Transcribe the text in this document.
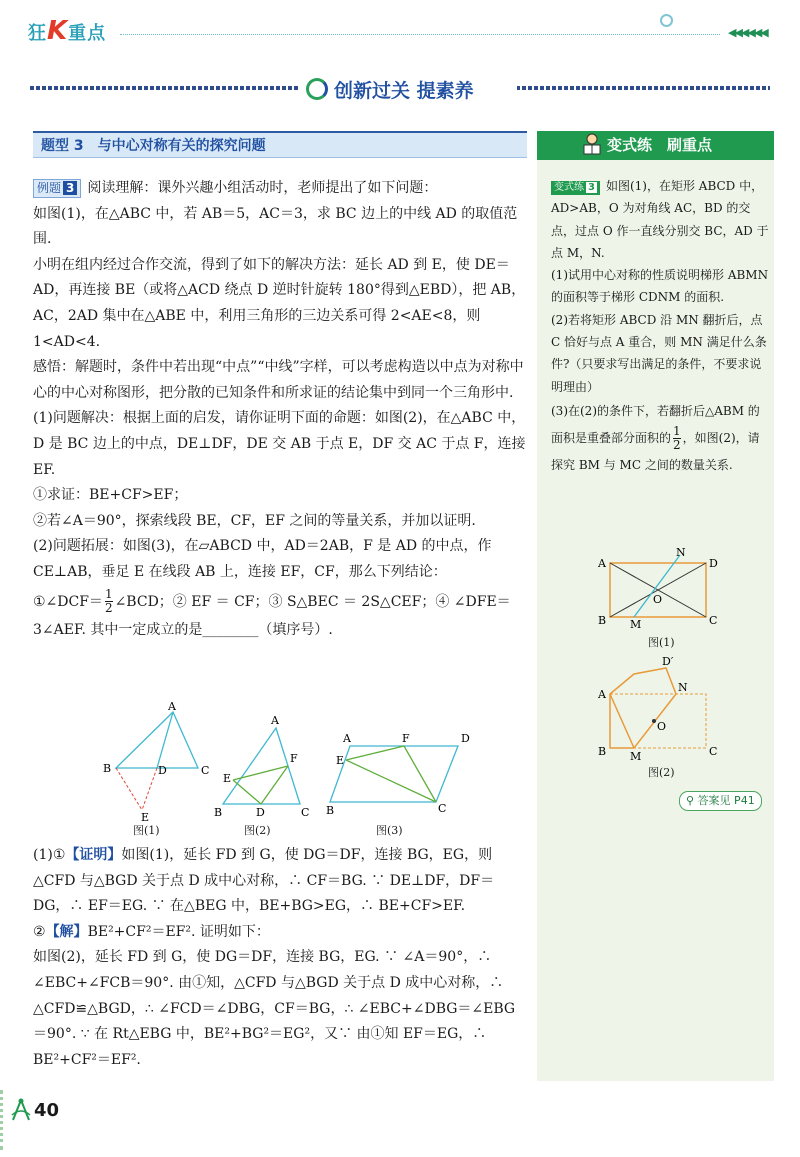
狂K重点	◀◀◀◀◀◀
创新过关 提素养
题型 3　与中心对称有关的探究问题	变式练　刷重点

例题 3 阅读理解：课外兴趣小组活动时，老师提出了如下问题：

如图(1)，在△ABC 中，若 AB＝5，AC＝3，求 BC 边上的中线 AD 的取值范围.

小明在组内经过合作交流，得到了如下的解决方法：延长 AD 到 E，使 DE＝AD，再连接 BE（或将△ACD 绕点 D 逆时针旋转 180°得到△EBD），把 AB，AC，2AD 集中在△ABE 中，利用三角形的三边关系可得 2<AE<8，则 1<AD<4.

感悟：解题时，条件中若出现“中点”“中线”字样，可以考虑构造以中点为对称中心的中心对称图形，把分散的已知条件和所求证的结论集中到同一个三角形中.

(1)问题解决：根据上面的启发，请你证明下面的命题：如图(2)，在△ABC 中，D 是 BC 边上的中点，DE⊥DF，DE 交 AB 于点 E，DF 交 AC 于点 F，连接 EF.

①求证：BE+CF>EF；

②若∠A＝90°，探索线段 BE，CF，EF 之间的等量关系，并加以证明.

(2)问题拓展：如图(3)，在▱ABCD 中，AD＝2AB，F 是 AD 的中点，作 CE⊥AB，垂足 E 在线段 AB 上，连接 EF，CF，那么下列结论：

①∠DCF＝ $\frac{1}{2}$ ∠BCD；② EF ＝ CF；③ S△BEC ＝ 2S△CEF；④ ∠DFE＝

3∠AEF. 其中一定成立的是________（填序号）.

A
B	D	C
E
A
E
F
B	D	C
A	F	D
E
B	C
图(1)	图(2)	图(3)

(1)①【证明】如图(1)，延长 FD 到 G，使 DG＝DF，连接 BG，EG，则△CFD 与△BGD 关于点 D 成中心对称，∴ CF＝BG. ∵ DE⊥DF，DF＝DG，∴ EF＝EG. ∵ 在△BEG 中，BE+BG>EG，∴ BE+CF>EF.

②【解】BE²+CF²＝EF². 证明如下：

如图(2)，延长 FD 到 G，使 DG＝DF，连接 BG，EG. ∵ ∠A＝90°，∴ ∠EBC+∠FCB＝90°. 由①知，△CFD 与△BGD 关于点 D 成中心对称，∴ △CFD≌△BGD，∴ ∠FCD＝∠DBG，CF＝BG，∴ ∠EBC+∠DBG＝∠EBG＝90°. ∵ 在 Rt△EBG 中，BE²+BG²＝EG²，又∵ 由①知 EF＝EG，∴ BE²+CF²＝EF².

变式练 3 如图(1)，在矩形 ABCD 中，AD>AB，O 为对角线 AC，BD 的交点，过点 O 作一直线分别交 BC，AD 于点 M，N.

(1)试用中心对称的性质说明梯形 ABMN 的面积等于梯形 CDNM 的面积.

(2)若将矩形 ABCD 沿 MN 翻折后，点 C 恰好与点 A 重合，则 MN 满足什么条件?（只要求写出满足的条件，不要求说明理由）

(3)在(2)的条件下，若翻折后△ABM 的面积是重叠部分面积的 $\frac{1}{2}$ ，如图(2)，请探究 BM 与 MC 之间的数量关系.

A	D
N
O
B M	C
A
D′
N
O
B M	C
图(1)
图(2)
⚲ 答案见 P41
40
